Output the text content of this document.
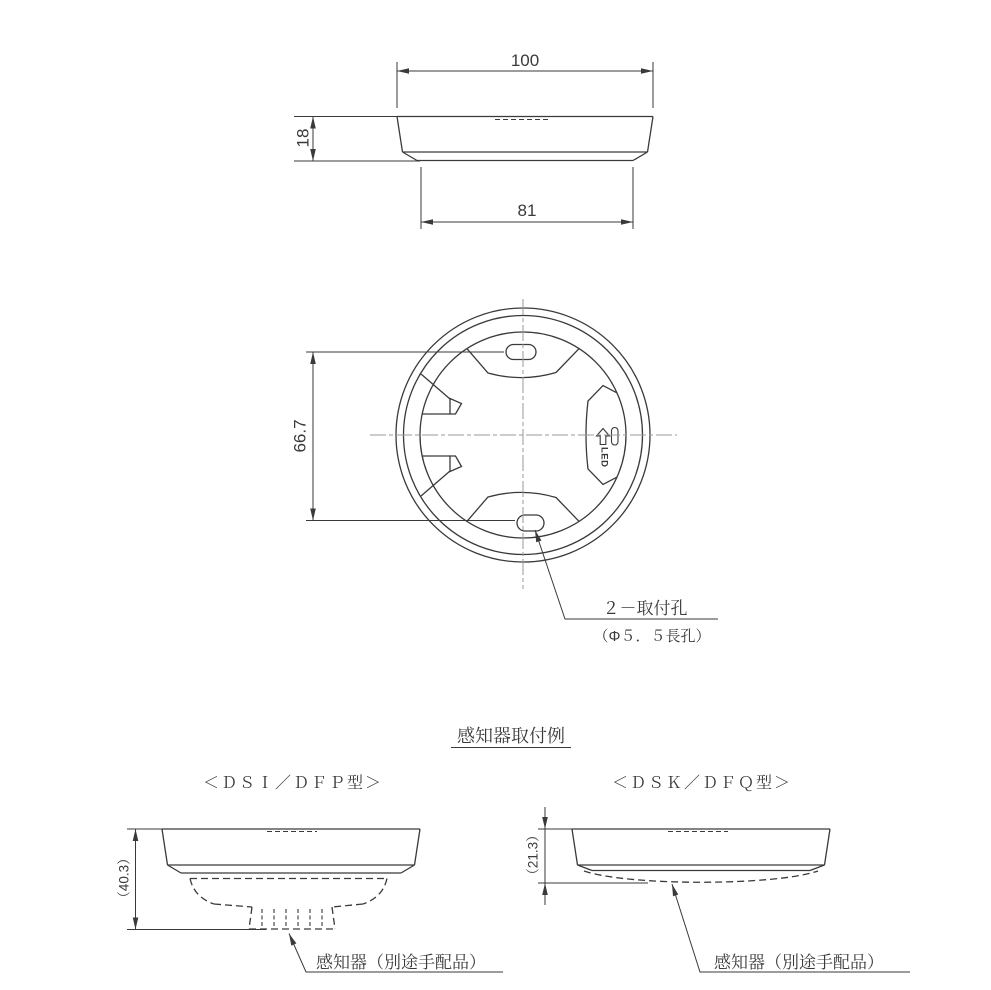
100
18
81
LED
66.7
２－取付孔
（Φ５．５長孔）
感知器取付例
＜ＤＳＩ／ＤＦＰ型＞
（40.3）
感知器（別途手配品）
＜ＤＳＫ／ＤＦＱ型＞
（21.3）
感知器（別途手配品）
